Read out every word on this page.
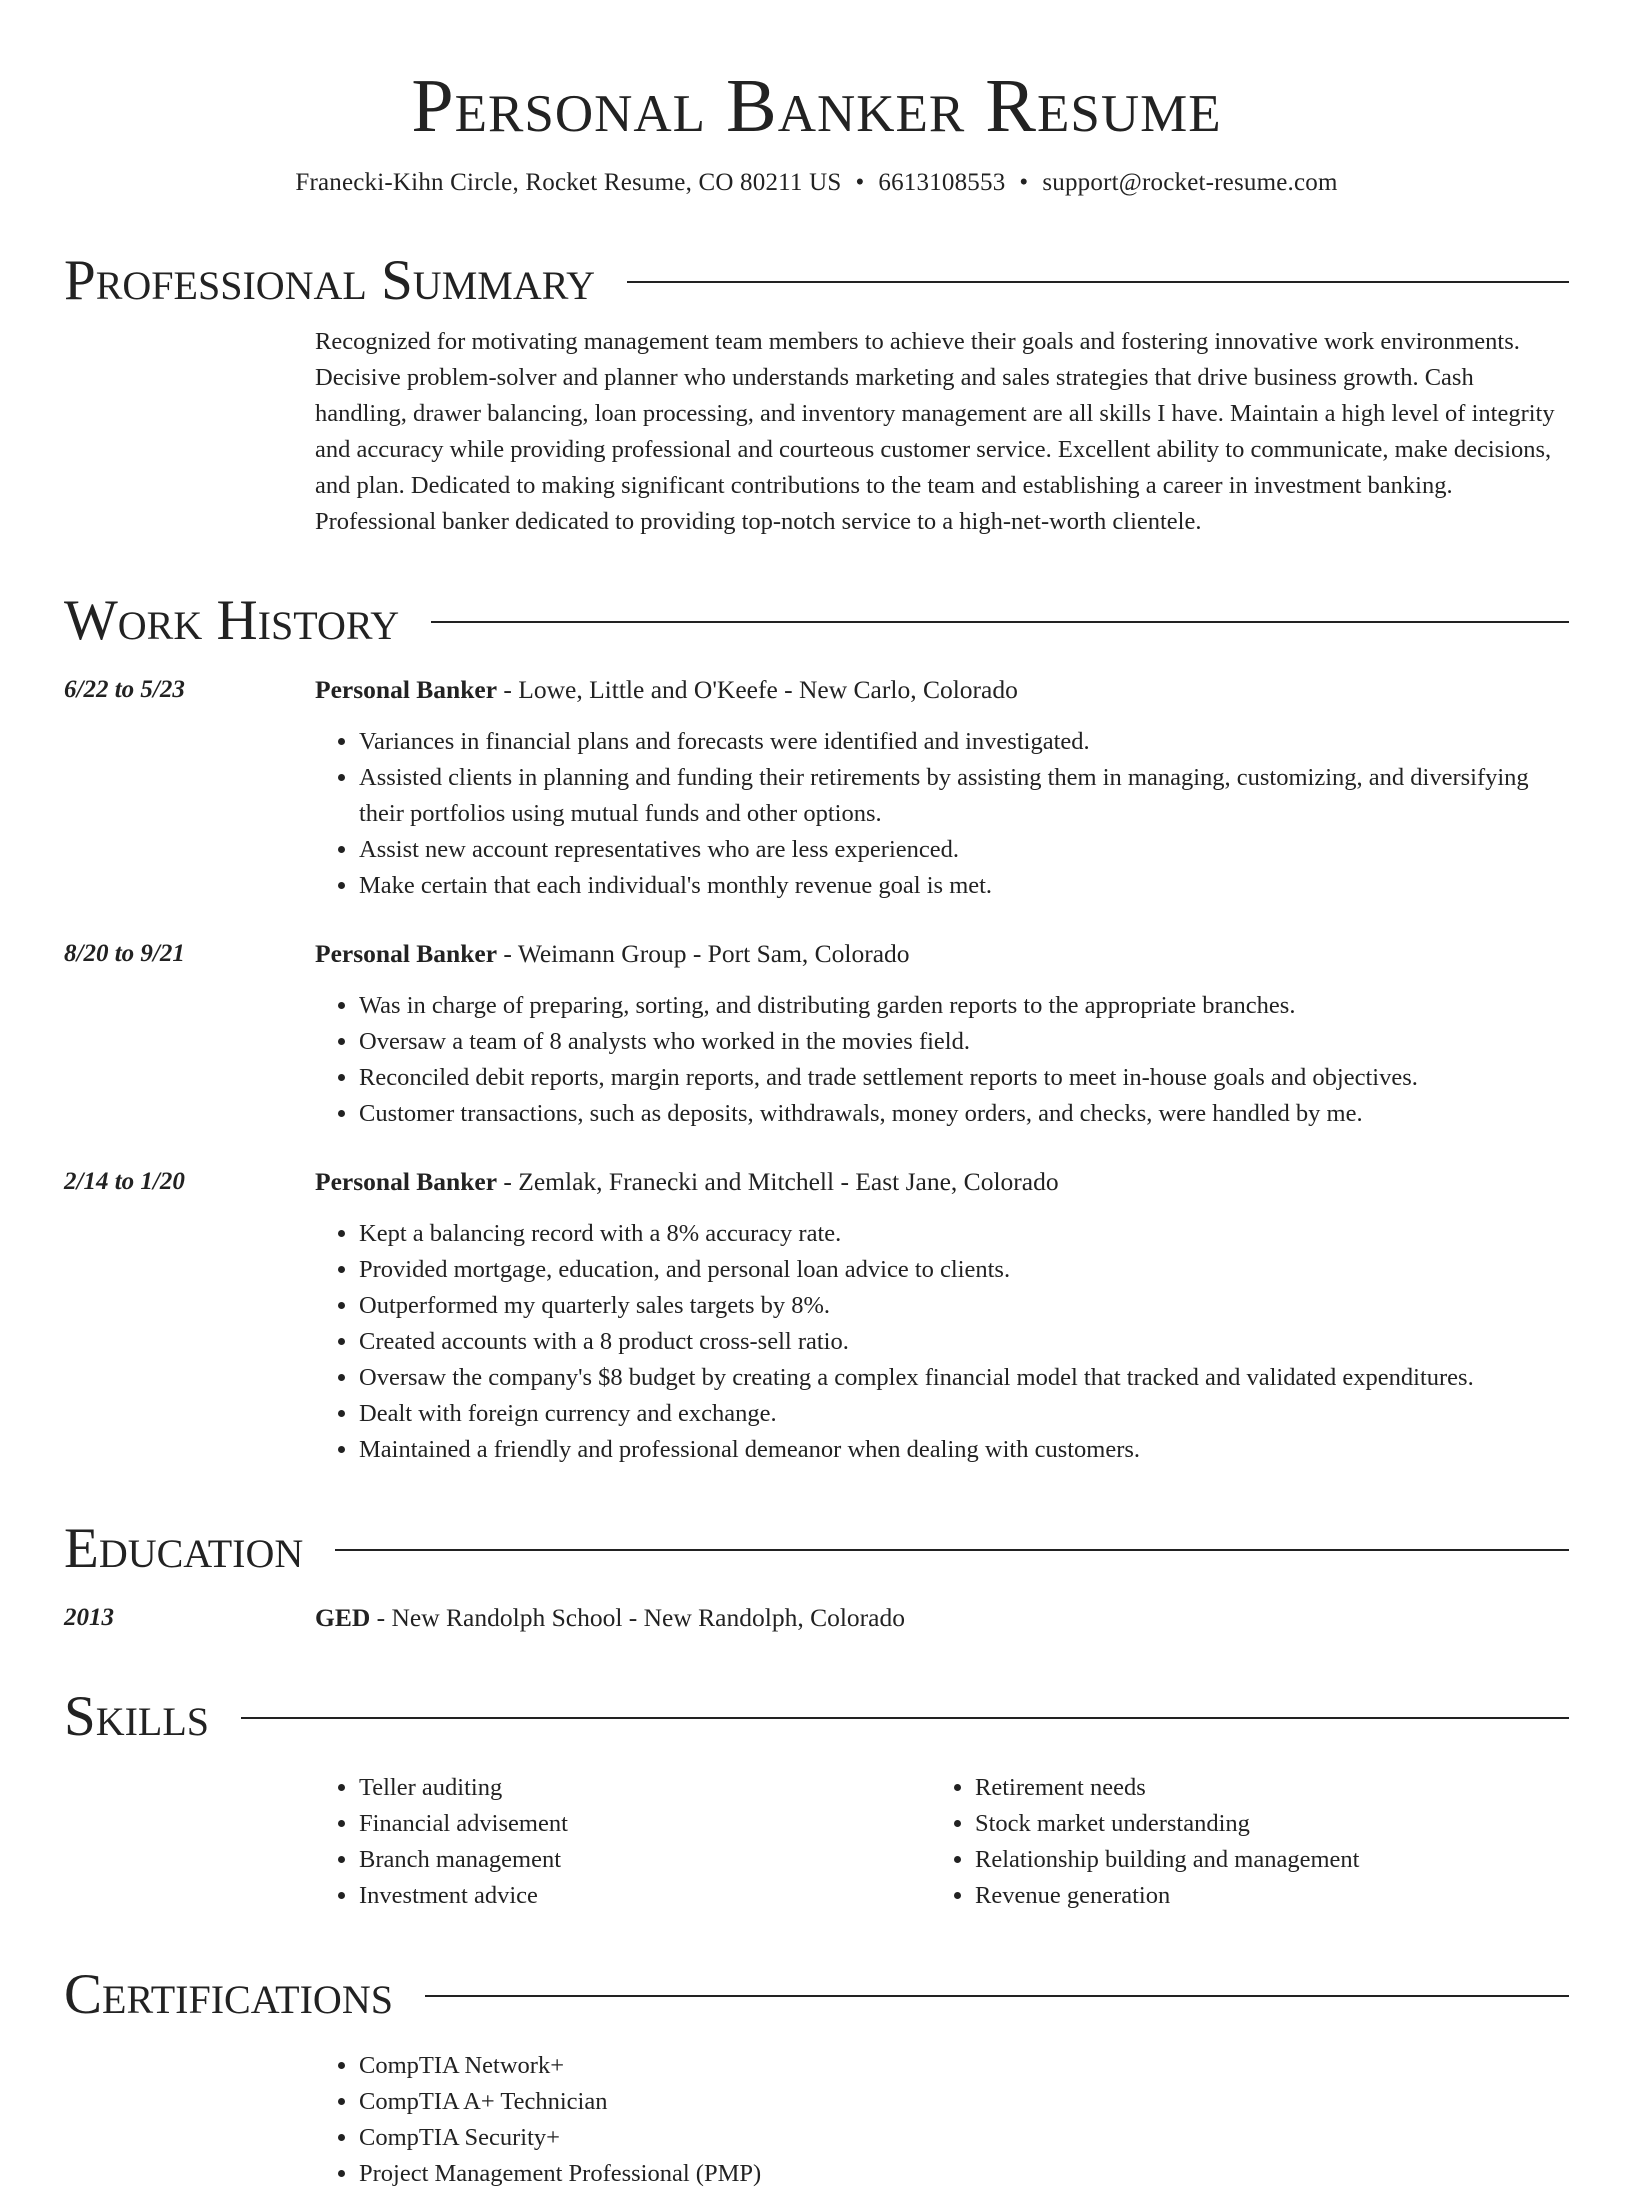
Personal Banker Resume
Franecki-Kihn Circle, Rocket Resume, CO 80211 US • 6613108553 • support@rocket-resume.com
Professional Summary

Recognized for motivating management team members to achieve their goals and fostering innovative work environments. Decisive problem-solver and planner who understands marketing and sales strategies that drive business growth. Cash handling, drawer balancing, loan processing, and inventory management are all skills I have. Maintain a high level of integrity and accuracy while providing professional and courteous customer service. Excellent ability to communicate, make decisions, and plan. Dedicated to making significant contributions to the team and establishing a career in investment banking. Professional banker dedicated to providing top-notch service to a high-net-worth clientele.

Work History
6/22 to 5/23	Personal Banker - Lowe, Little and O'Keefe - New Carlo, Colorado
• Variances in financial plans and forecasts were identified and investigated.
• Assisted clients in planning and funding their retirements by assisting them in managing, customizing, and diversifying their portfolios using mutual funds and other options.
• Assist new account representatives who are less experienced.
• Make certain that each individual's monthly revenue goal is met.
8/20 to 9/21	Personal Banker - Weimann Group - Port Sam, Colorado
• Was in charge of preparing, sorting, and distributing garden reports to the appropriate branches.
• Oversaw a team of 8 analysts who worked in the movies field.
• Reconciled debit reports, margin reports, and trade settlement reports to meet in-house goals and objectives.
• Customer transactions, such as deposits, withdrawals, money orders, and checks, were handled by me.
2/14 to 1/20	Personal Banker - Zemlak, Franecki and Mitchell - East Jane, Colorado
• Kept a balancing record with a 8% accuracy rate.
• Provided mortgage, education, and personal loan advice to clients.
• Outperformed my quarterly sales targets by 8%.
• Created accounts with a 8 product cross-sell ratio.
• Oversaw the company's $8 budget by creating a complex financial model that tracked and validated expenditures.
• Dealt with foreign currency and exchange.
• Maintained a friendly and professional demeanor when dealing with customers.
Education
2013	GED - New Randolph School - New Randolph, Colorado
Skills
• Teller auditing
• Financial advisement
• Branch management
• Investment advice
• Retirement needs
• Stock market understanding
• Relationship building and management
• Revenue generation
Certifications
• CompTIA Network+
• CompTIA A+ Technician
• CompTIA Security+
• Project Management Professional (PMP)
